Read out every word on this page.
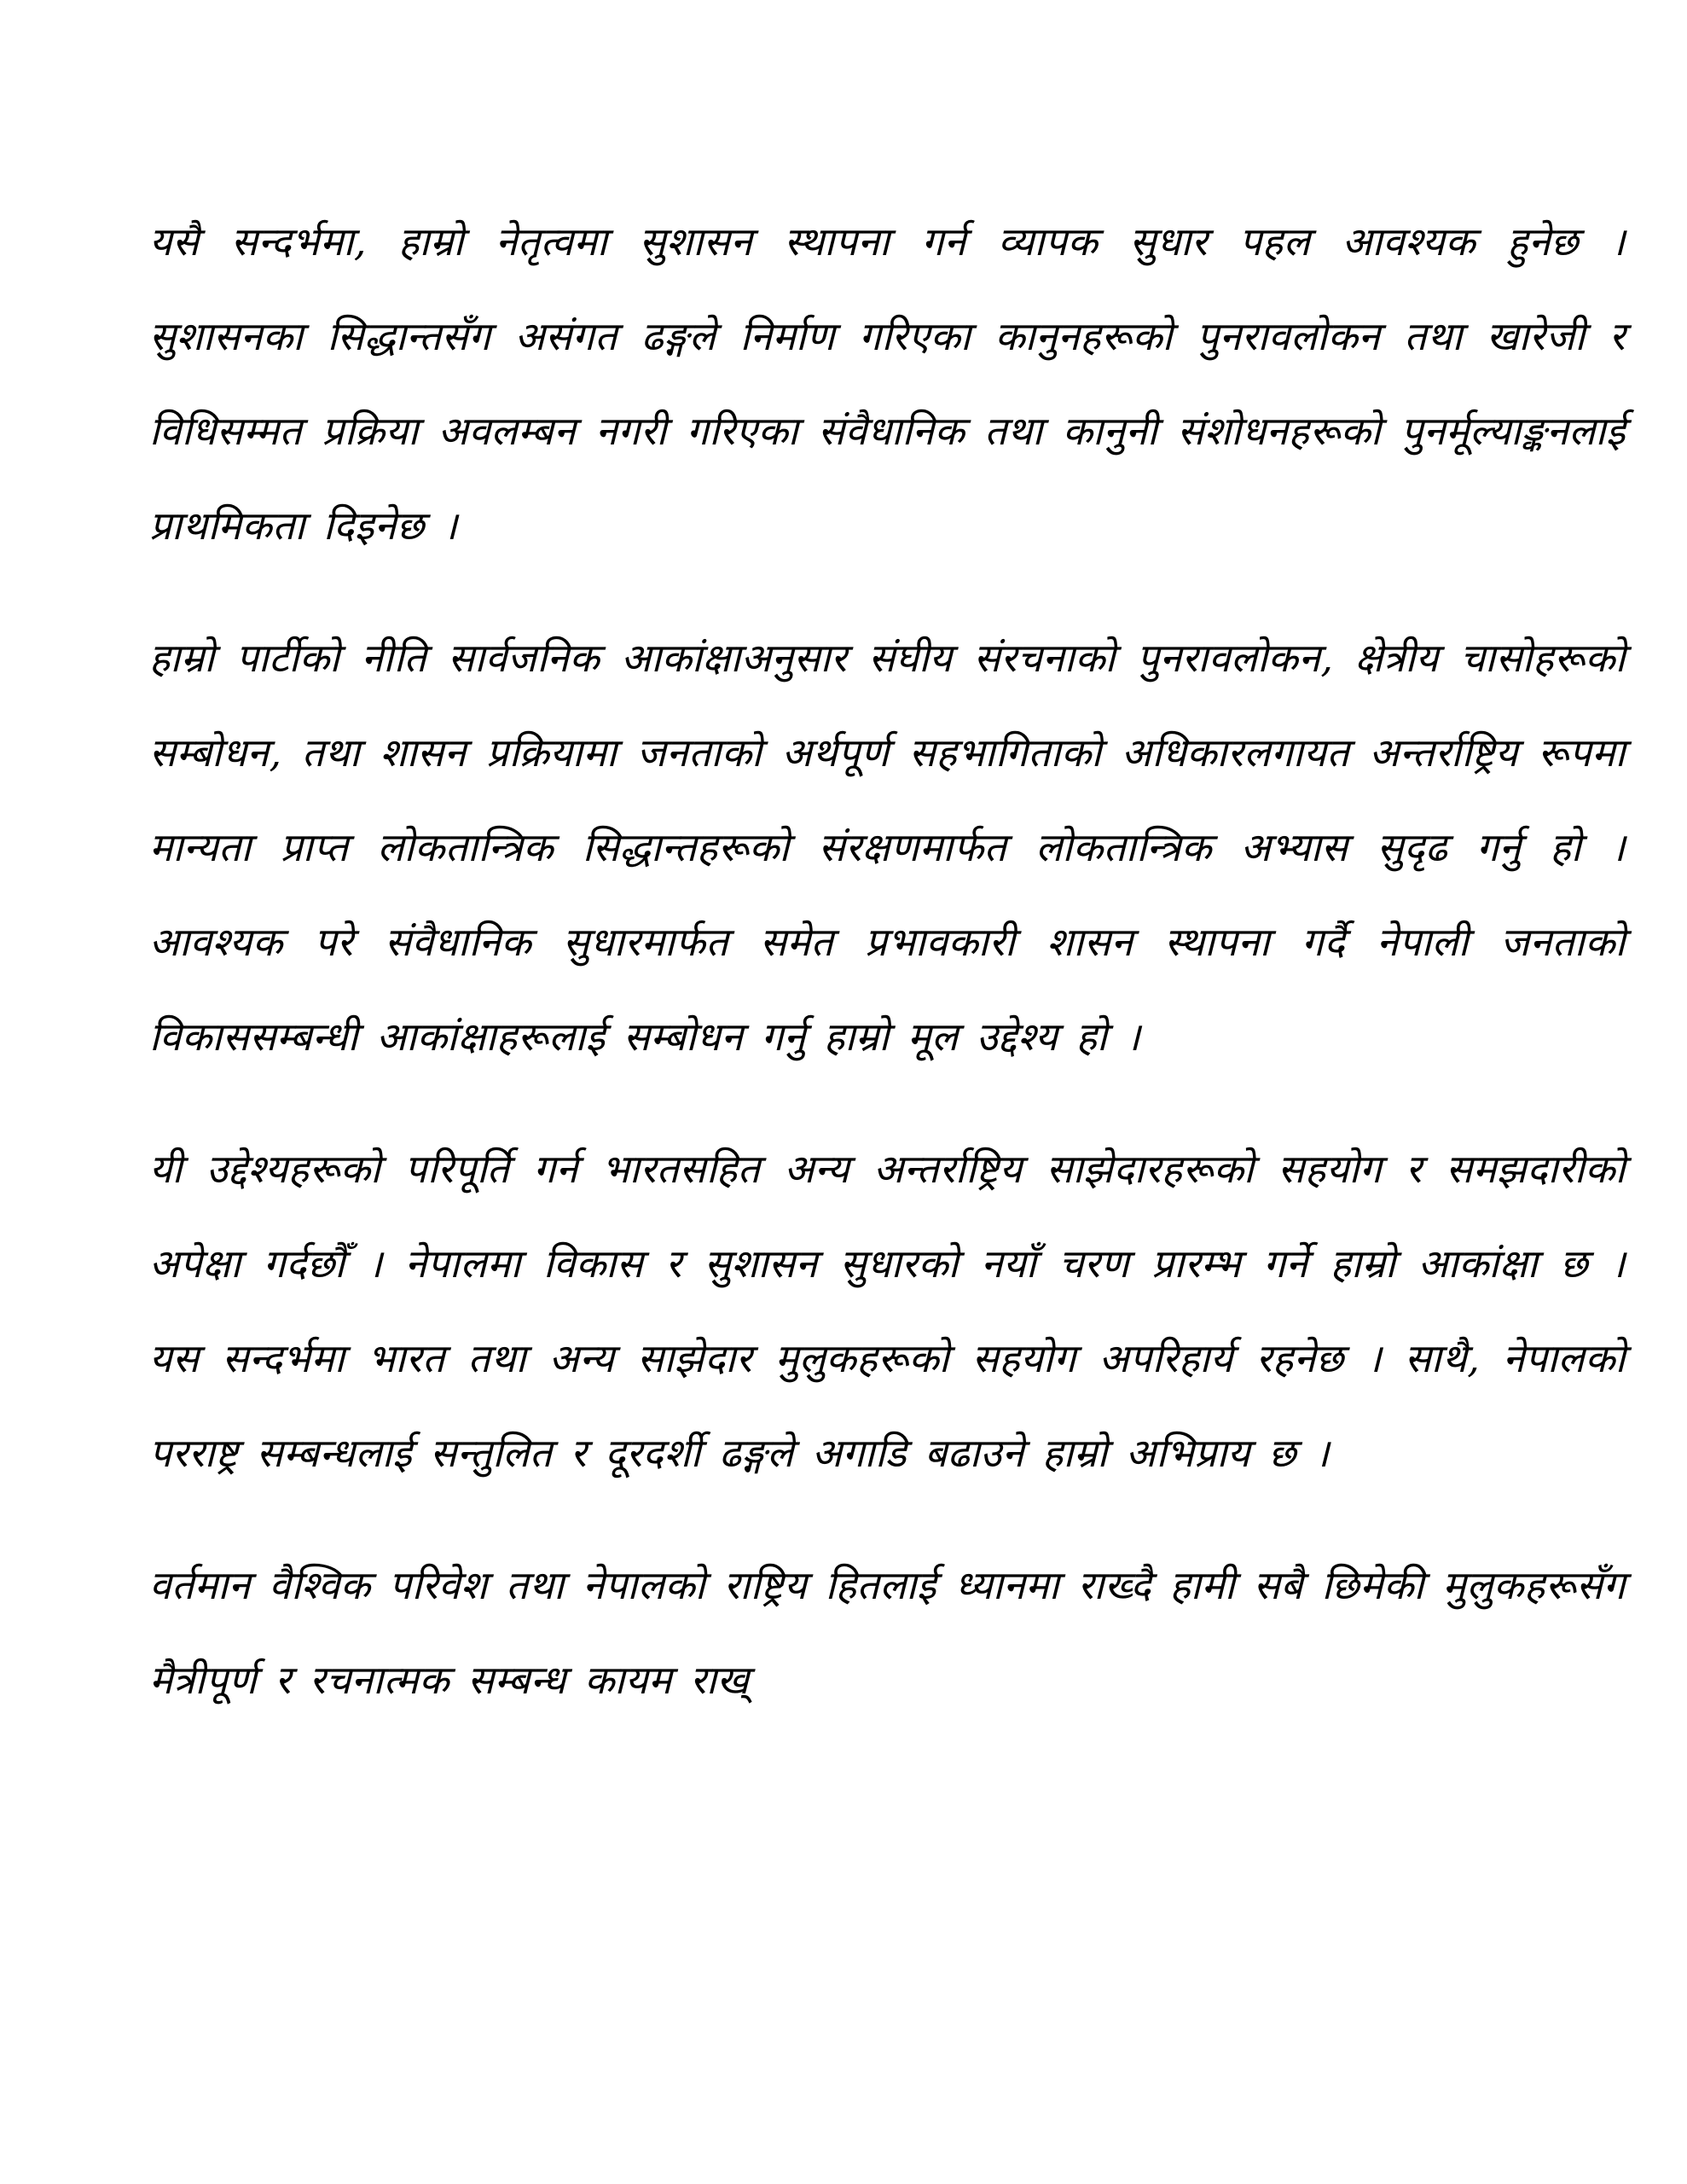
यसै सन्दर्भमा, हाम्रो नेतृत्वमा सुशासन स्थापना गर्न व्यापक सुधार पहल आवश्यक हुनेछ । सुशासनका सिद्धान्तसँग असंगत ढङ्गले निर्माण गरिएका कानुनहरूको पुनरावलोकन तथा खारेजी र विधिसम्मत प्रक्रिया अवलम्बन नगरी गरिएका संवैधानिक तथा कानुनी संशोधनहरूको पुनर्मूल्याङ्कनलाई प्राथमिकता दिइनेछ ।

हाम्रो पार्टीको नीति सार्वजनिक आकांक्षाअनुसार संघीय संरचनाको पुनरावलोकन, क्षेत्रीय चासोहरूको सम्बोधन, तथा शासन प्रक्रियामा जनताको अर्थपूर्ण सहभागिताको अधिकारलगायत अन्तर्राष्ट्रिय रूपमा मान्यता प्राप्त लोकतान्त्रिक सिद्धान्तहरूको संरक्षणमार्फत लोकतान्त्रिक अभ्यास सुदृढ गर्नु हो । आवश्यक परे संवैधानिक सुधारमार्फत समेत प्रभावकारी शासन स्थापना गर्दै नेपाली जनताको विकाससम्बन्धी आकांक्षाहरूलाई सम्बोधन गर्नु हाम्रो मूल उद्देश्य हो ।

यी उद्देश्यहरूको परिपूर्ति गर्न भारतसहित अन्य अन्तर्राष्ट्रिय साझेदारहरूको सहयोग र समझदारीको अपेक्षा गर्दछौँ । नेपालमा विकास र सुशासन सुधारको नयाँ चरण प्रारम्भ गर्ने हाम्रो आकांक्षा छ । यस सन्दर्भमा भारत तथा अन्य साझेदार मुलुकहरूको सहयोग अपरिहार्य रहनेछ । साथै, नेपालको परराष्ट्र सम्बन्धलाई सन्तुलित र दूरदर्शी ढङ्गले अगाडि बढाउने हाम्रो अभिप्राय छ ।

वर्तमान वैश्विक परिवेश तथा नेपालको राष्ट्रिय हितलाई ध्यानमा राख्दै हामी सबै छिमेकी मुलुकहरूसँग मैत्रीपूर्ण र रचनात्मक सम्बन्ध कायम राख्
